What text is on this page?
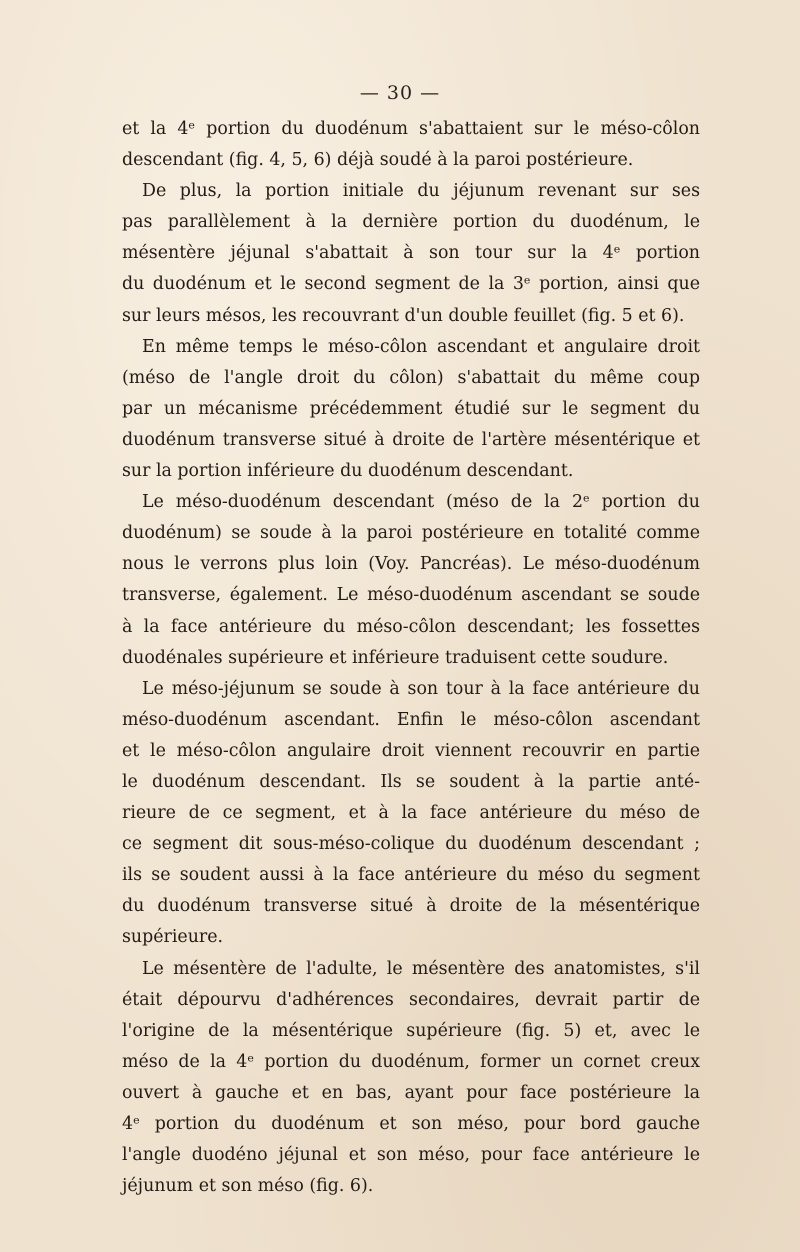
— 30 —
et la 4ᵉ portion du duodénum s'abattaient sur le méso-côlon
descendant (fig. 4, 5, 6) déjà soudé à la paroi postérieure.
De plus, la portion initiale du jéjunum revenant sur ses
pas parallèlement à la dernière portion du duodénum, le
mésentère jéjunal s'abattait à son tour sur la 4ᵉ portion
du duodénum et le second segment de la 3ᵉ portion, ainsi que
sur leurs mésos, les recouvrant d'un double feuillet (fig. 5 et 6).
En même temps le méso-côlon ascendant et angulaire droit
(méso de l'angle droit du côlon) s'abattait du même coup
par un mécanisme précédemment étudié sur le segment du
duodénum transverse situé à droite de l'artère mésentérique et
sur la portion inférieure du duodénum descendant.
Le méso-duodénum descendant (méso de la 2ᵉ portion du
duodénum) se soude à la paroi postérieure en totalité comme
nous le verrons plus loin (Voy. Pancréas). Le méso-duodénum
transverse, également. Le méso-duodénum ascendant se soude
à la face antérieure du méso-côlon descendant; les fossettes
duodénales supérieure et inférieure traduisent cette soudure.
Le méso-jéjunum se soude à son tour à la face antérieure du
méso-duodénum ascendant. Enfin le méso-côlon ascendant
et le méso-côlon angulaire droit viennent recouvrir en partie
le duodénum descendant. Ils se soudent à la partie anté-
rieure de ce segment, et à la face antérieure du méso de
ce segment dit sous-méso-colique du duodénum descendant ;
ils se soudent aussi à la face antérieure du méso du segment
du duodénum transverse situé à droite de la mésentérique
supérieure.
Le mésentère de l'adulte, le mésentère des anatomistes, s'il
était dépourvu d'adhérences secondaires, devrait partir de
l'origine de la mésentérique supérieure (fig. 5) et, avec le
méso de la 4ᵉ portion du duodénum, former un cornet creux
ouvert à gauche et en bas, ayant pour face postérieure la
4ᵉ portion du duodénum et son méso, pour bord gauche
l'angle duodéno jéjunal et son méso, pour face antérieure le
jéjunum et son méso (fig. 6).
